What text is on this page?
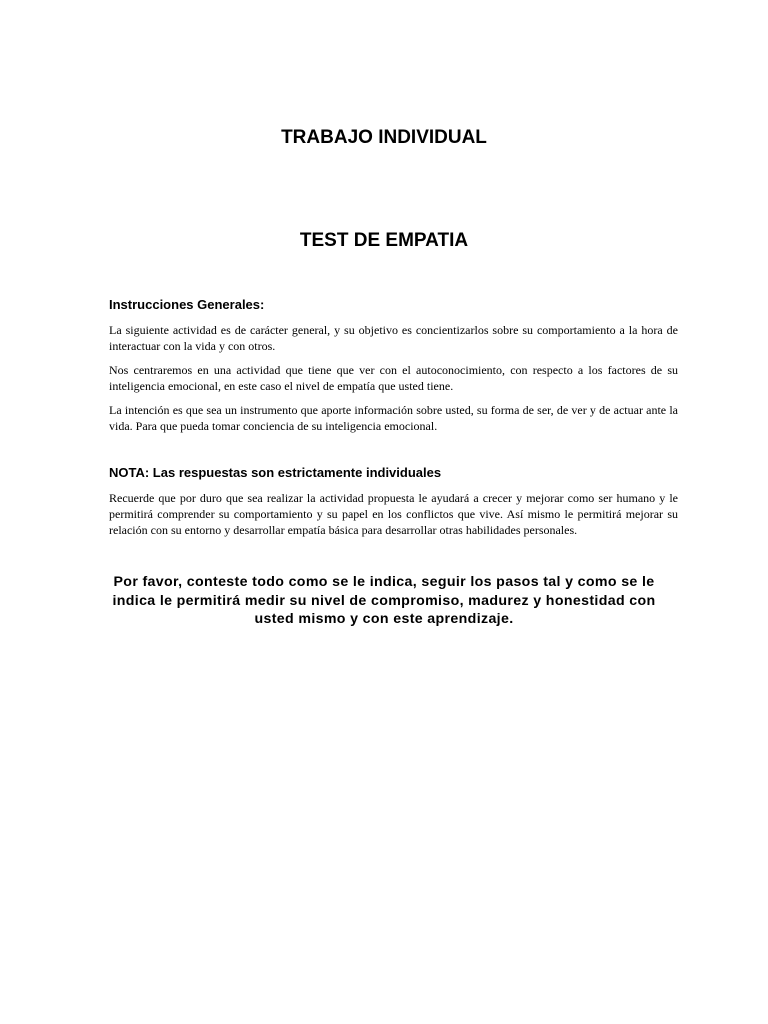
TRABAJO INDIVIDUAL
TEST DE EMPATIA

Instrucciones Generales:

La siguiente actividad es de carácter general, y su objetivo es concientizarlos sobre su comportamiento a la hora de interactuar con la vida y con otros.

Nos centraremos en una actividad que tiene que ver con el autoconocimiento, con respecto a los factores de su inteligencia emocional, en este caso el nivel de empatía que usted tiene.

La intención es que sea un instrumento que aporte información sobre usted, su forma de ser, de ver y de actuar ante la vida. Para que pueda tomar conciencia de su inteligencia emocional.

NOTA: Las respuestas son estrictamente individuales

Recuerde que por duro que sea realizar la actividad propuesta le ayudará a crecer y mejorar como ser humano y le permitirá comprender su comportamiento y su papel en los conflictos que vive. Así mismo le permitirá mejorar su relación con su entorno y desarrollar empatía básica para desarrollar otras habilidades personales.

Por favor, conteste todo como se le indica, seguir los pasos tal y como se le indica le permitirá medir su nivel de compromiso, madurez y honestidad con usted mismo y con este aprendizaje.
